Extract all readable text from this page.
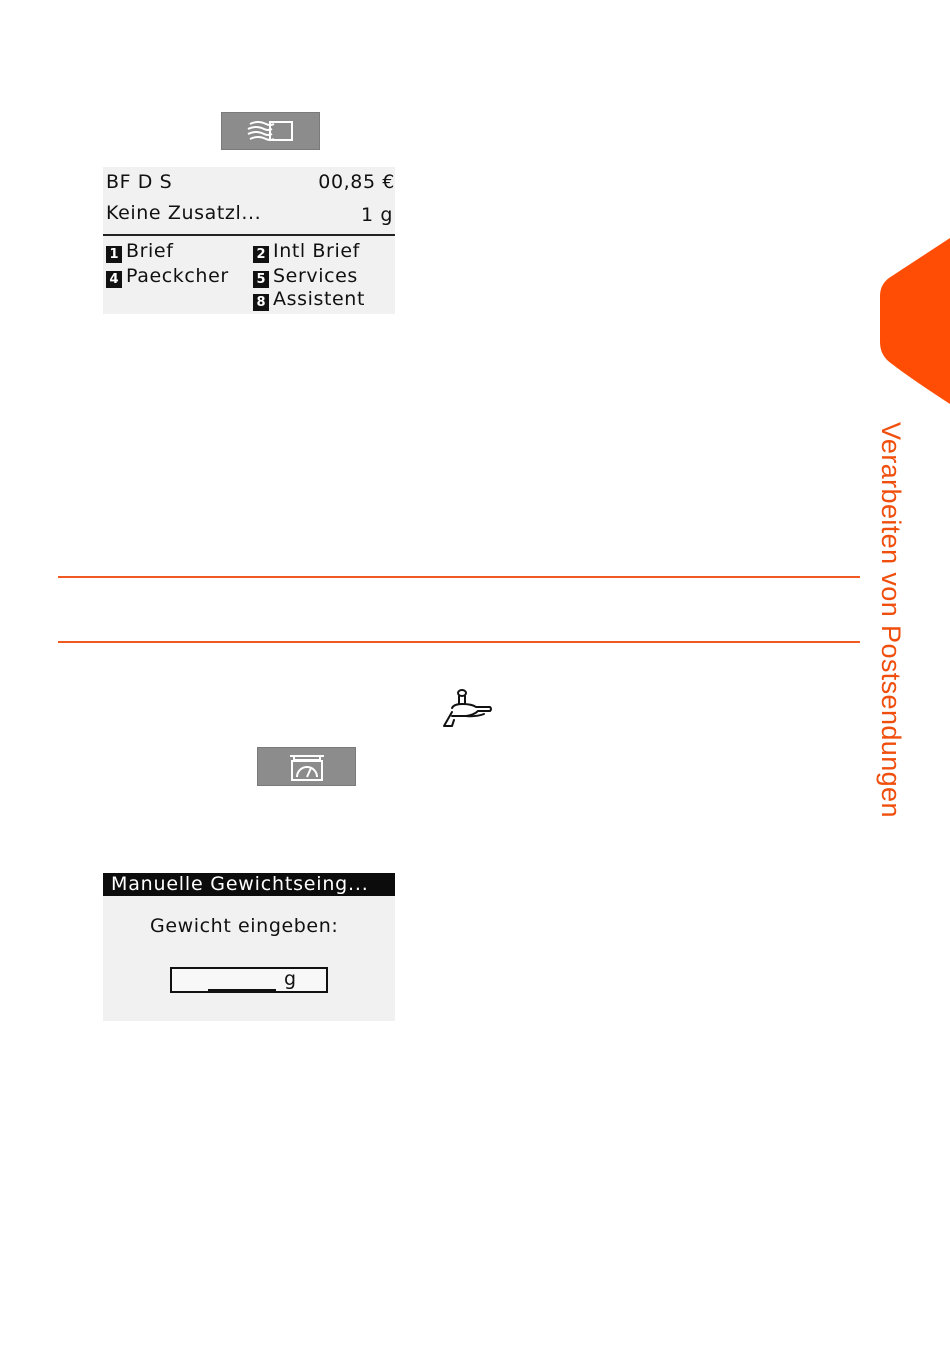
BF D S	00,85 €
Keine Zusatzl...	1 g
1 Brief	2 Intl Brief
4 Paeckcher 5 Services
8 Assistent
Manuelle Gewichtseing...
Gewicht eingeben:
g
Verarbeiten von Postsendungen
